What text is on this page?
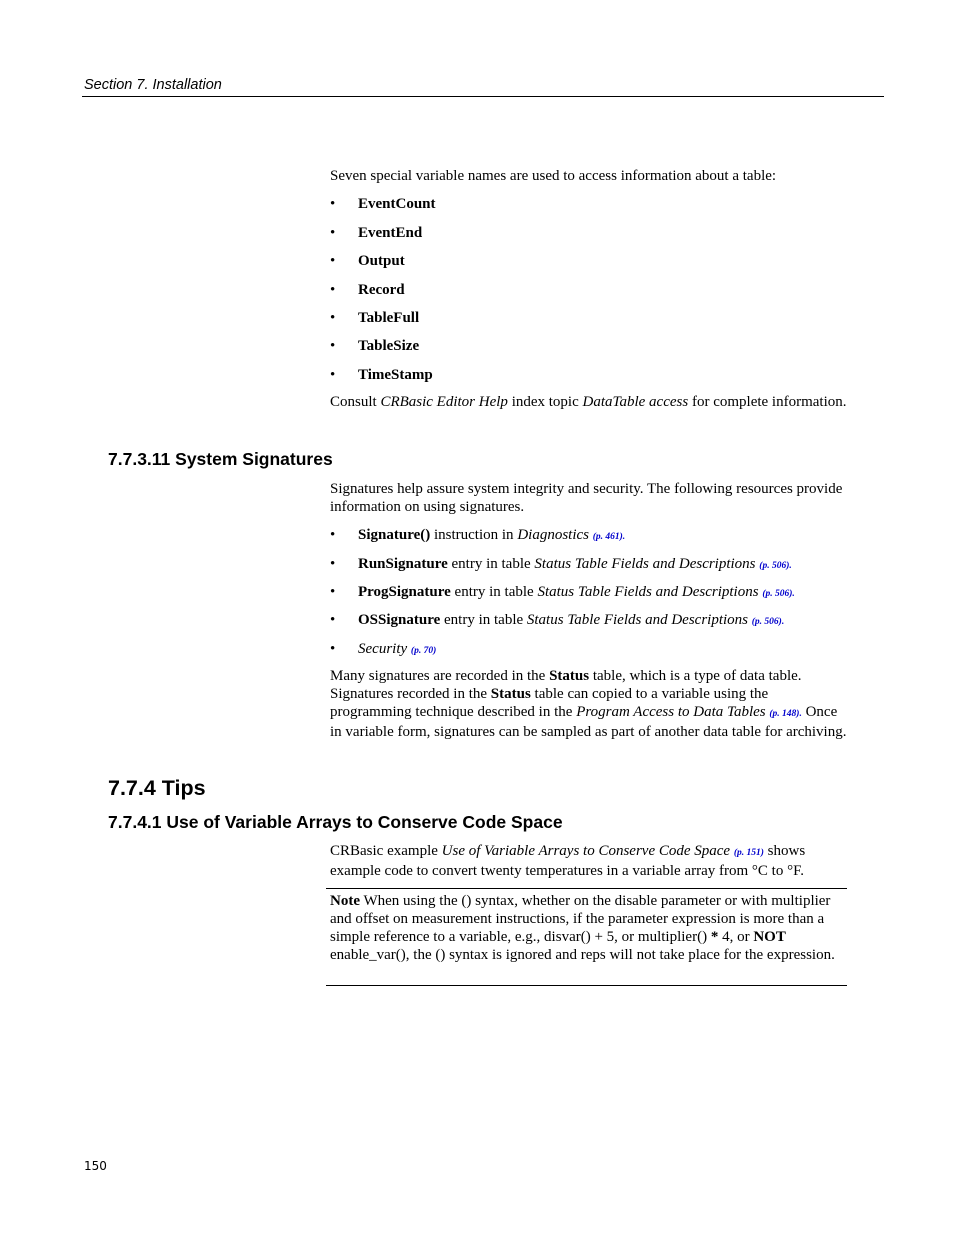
Section 7. Installation

Seven special variable names are used to access information about a table:

• EventCount
• EventEnd
• Output
• Record
• TableFull
• TableSize
• TimeStamp

Consult CRBasic Editor Help index topic DataTable access for complete information.

7.7.3.11 System Signatures

Signatures help assure system integrity and security. The following resources provide information on using signatures.

• Signature() instruction in Diagnostics (p. 461).
• RunSignature entry in table Status Table Fields and Descriptions (p. 506).
• ProgSignature entry in table Status Table Fields and Descriptions (p. 506).
• OSSignature entry in table Status Table Fields and Descriptions (p. 506).
• Security (p. 70)

Many signatures are recorded in the Status table, which is a type of data table. Signatures recorded in the Status table can copied to a variable using the programming technique described in the Program Access to Data Tables (p. 148). Once in variable form, signatures can be sampled as part of another data table for archiving.

7.7.4 Tips
7.7.4.1 Use of Variable Arrays to Conserve Code Space

CRBasic example Use of Variable Arrays to Conserve Code Space (p. 151) shows example code to convert twenty temperatures in a variable array from °C to °F.

Note When using the () syntax, whether on the disable parameter or with multiplier and offset on measurement instructions, if the parameter expression is more than a simple reference to a variable, e.g., disvar() + 5, or multiplier() * 4, or NOT enable_var(), the () syntax is ignored and reps will not take place for the expression.

150
